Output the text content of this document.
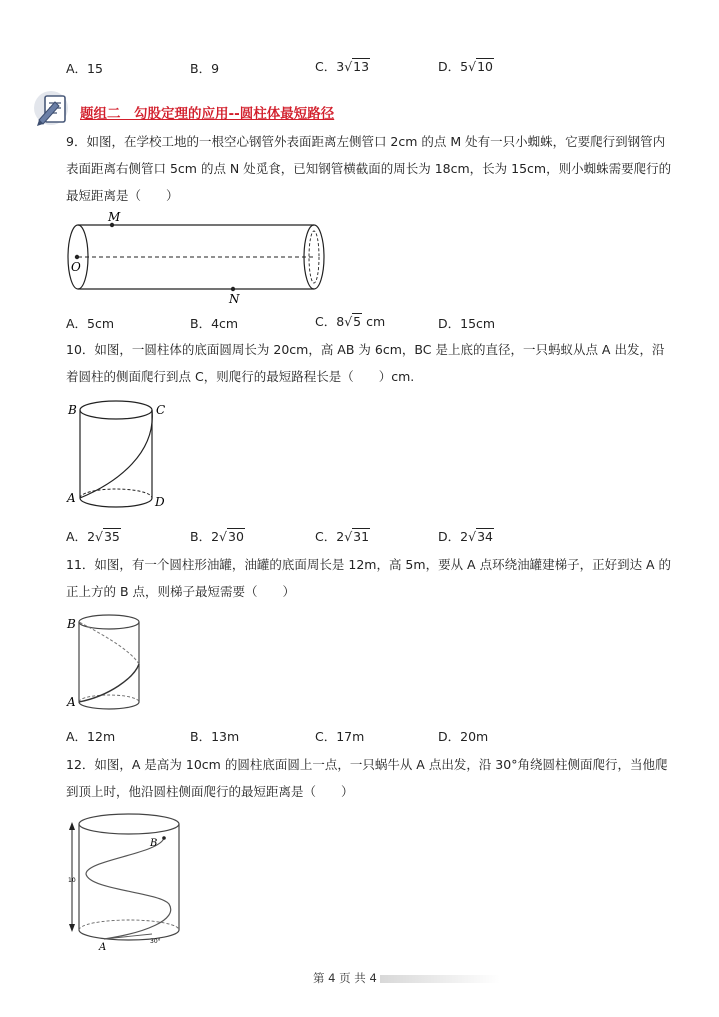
A．15	B．9	C．3√13	D．5√10
题组二　勾股定理的应用--圆柱体最短路径
9．如图，在学校工地的一根空心钢管外表面距离左侧管口 2cm 的点 M 处有一只小蜘蛛，它要爬行到钢管内表面距离右侧管口 5cm 的点 N 处觅食，已知钢管横截面的周长为 18cm，长为 15cm，则小蜘蛛需要爬行的最短距离是（　　）
M
O
N
A．5cm	B．4cm	C．8√5 cm	D．15cm
10．如图，一圆柱体的底面圆周长为 20cm，高 AB 为 6cm，BC 是上底的直径，一只蚂蚁从点 A 出发，沿着圆柱的侧面爬行到点 C，则爬行的最短路程长是（　　）cm.
B	C
A	D
A．2√35	B．2√30	C．2√31	D．2√34
11．如图，有一个圆柱形油罐，油罐的底面周长是 12m，高 5m，要从 A 点环绕油罐建梯子，正好到达 A 的正上方的 B 点，则梯子最短需要（　　）
B
A
A．12m	B．13m	C．17m	D．20m
12．如图，A 是高为 10cm 的圆柱底面圆上一点，一只蜗牛从 A 点出发，沿 30°角绕圆柱侧面爬行，当他爬到顶上时，他沿圆柱侧面爬行的最短距离是（　　）
10
30°
B
A
第 4 页 共 4
